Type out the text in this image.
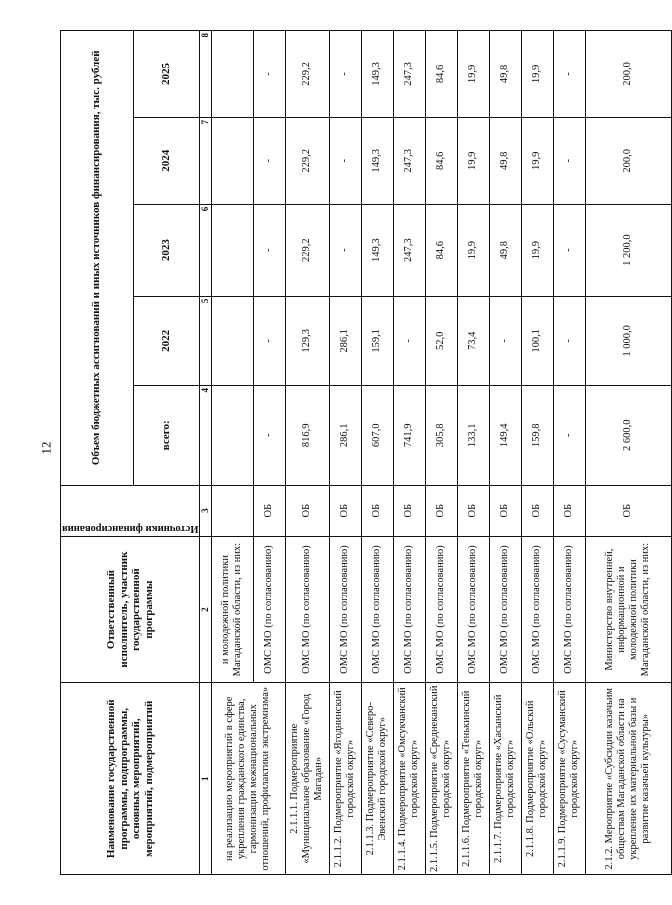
12
Наименование государственной программы, подпрограммы, основных мероприятий, мероприятий, подмероприятий	Ответственный исполнитель, участник государственной программы	Источники финансирования	Объем бюджетных ассигнований и иных источников финансирования, тыс. рублей				
			всего:	2022	2023	2024	2025
1	2	3	4	5	6	7	8
на реализацию мероприятий в сфере укрепления гражданского единства, гармонизации межнациональных отношений, профилактики экстремизма»	и молодежной политики Магаданской области, из них:						
	ОМС МО (по согласованию)	ОБ	-	-	-	-	-
2.1.1.1. Подмероприятие «Муниципальное образование «Город Магадан»	ОМС МО (по согласованию)	ОБ	816,9	129,3	229,2	229,2	229,2
2.1.1.2. Подмероприятие «Ягоднинский городской округ»	ОМС МО (по согласованию)	ОБ	286,1	286,1	-	-	-
2.1.1.3. Подмероприятие «Северо-Эвенский городской округ»	ОМС МО (по согласованию)	ОБ	607,0	159,1	149,3	149,3	149,3
2.1.1.4. Подмероприятие «Омсукчанский городской округ»	ОМС МО (по согласованию)	ОБ	741,9	-	247,3	247,3	247,3
2.1.1.5. Подмероприятие «Среднеканский городской округ»	ОМС МО (по согласованию)	ОБ	305,8	52,0	84,6	84,6	84,6
2.1.1.6. Подмероприятие «Тенькинский городской округ»	ОМС МО (по согласованию)	ОБ	133,1	73,4	19,9	19,9	19,9
2.1.1.7. Подмероприятие «Хасынский городской округ»	ОМС МО (по согласованию)	ОБ	149,4	-	49,8	49,8	49,8
2.1.1.8. Подмероприятие «Ольский городской округ»	ОМС МО (по согласованию)	ОБ	159,8	100,1	19,9	19,9	19,9
2.1.1.9. Подмероприятие «Сусуманский городской округ»	ОМС МО (по согласованию)	ОБ	-	-	-	-	-
2.1.2. Мероприятие «Субсидии казачьим обществам Магаданской области на укрепление их материальной базы и развитие казачьей культуры»	Министерство внутренней, информационной и молодежной политики Магаданской области, из них:	ОБ	2 600,0	1 000,0	1 200,0	200,0	200,0
